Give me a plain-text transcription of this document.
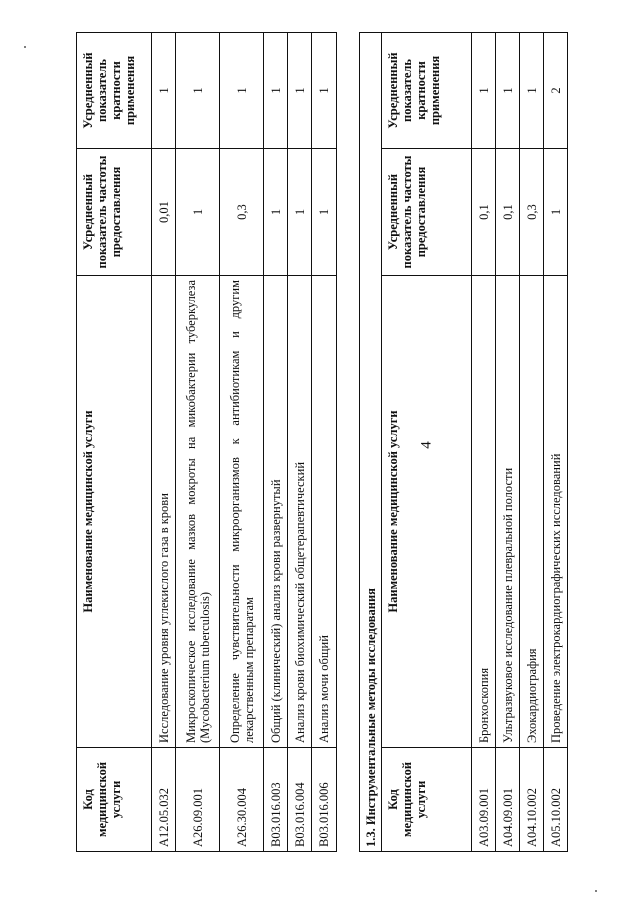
4
Код медицинской услуги	Наименование медицинской услуги	Усредненный показатель частоты предоставления	Усредненный показатель кратности применения
A12.05.032	Исследование уровня углекислого газа в крови	0,01	1
A26.09.001	Микроскопическое исследование мазков мокроты на микобактерии туберкулеза (Mycobacterium tuberculosis)	1	1
A26.30.004	Определение чувствительности микроорганизмов к антибиотикам и другим лекарственным препаратам	0,3	1
B03.016.003	Общий (клинический) анализ крови развернутый	1	1
B03.016.004	Анализ крови биохимический общетерапевтический	1	1
B03.016.006	Анализ мочи общий	1	1
1.3. Инструментальные методы исследования			
Код медицинской услуги	Наименование медицинской услуги	Усредненный показатель частоты предоставления	Усредненный показатель кратности применения
A03.09.001	Бронхоскопия	0,1	1
A04.09.001	Ультразвуковое исследование плевральной полости	0,1	1
A04.10.002	Эхокардиография	0,3	1
A05.10.002	Проведение электрокардиографических исследований	1	2
